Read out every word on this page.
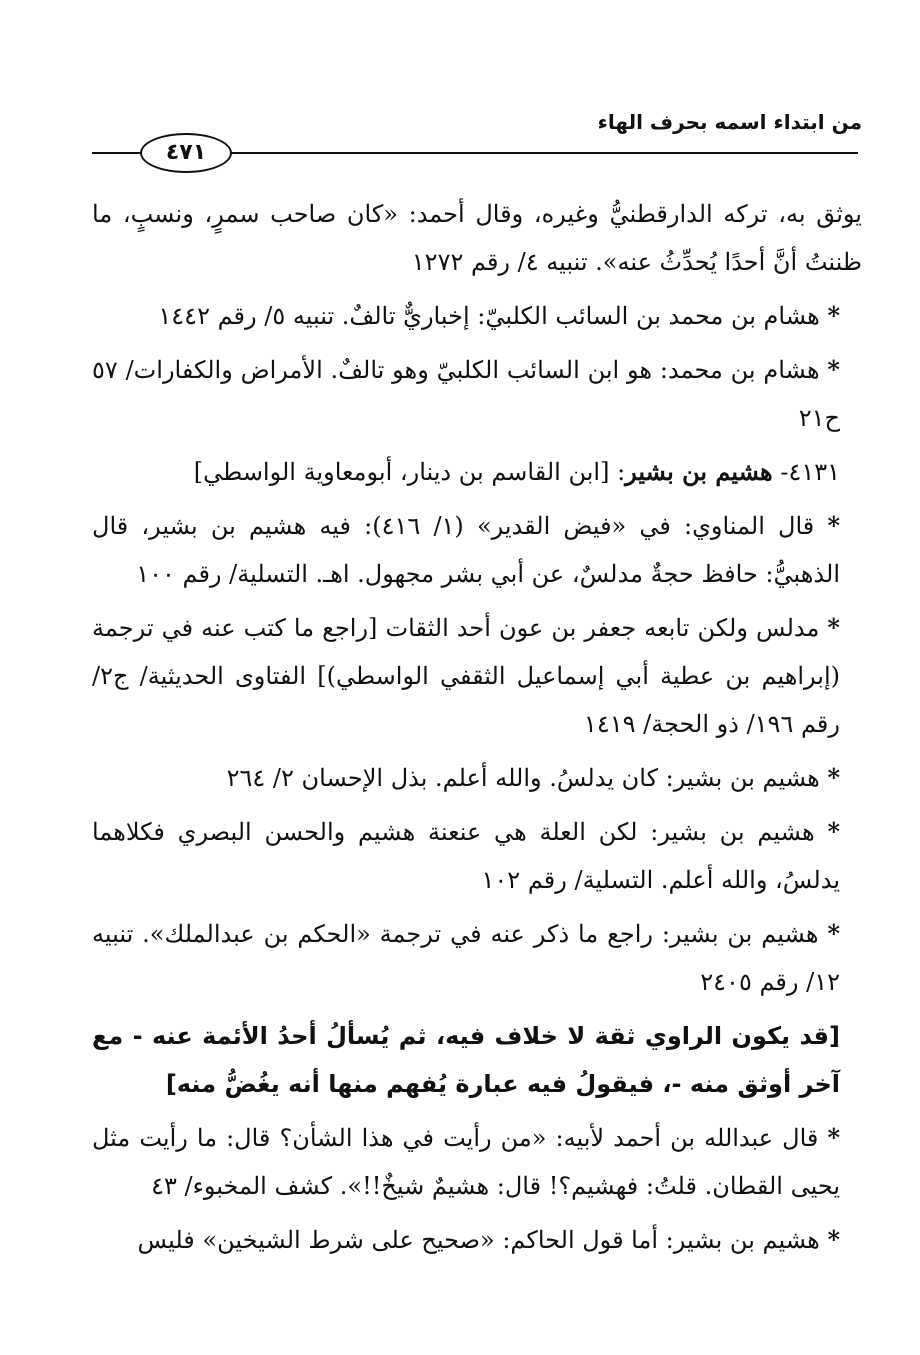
من ابتداء اسمه بحرف الهاء
٤٧١

يوثق به، تركه الدارقطنيُّ وغيره، وقال أحمد: «كان صاحب سمرٍ، ونسبٍ، ما ظننتُ أنَّ أحدًا يُحدِّثُ عنه». تنبيه ٤/ رقم ١٢٧٢

* هشام بن محمد بن السائب الكلبيّ: إخباريٌّ تالفٌ. تنبيه ٥/ رقم ١٤٤٢

* هشام بن محمد: هو ابن السائب الكلبيّ وهو تالفٌ. الأمراض والكفارات/ ٥٧ ح٢١

٤١٣١- هشيم بن بشير: [ابن القاسم بن دينار، أبومعاوية الواسطي]

* قال المناوي: في «فيض القدير» (١/ ٤١٦): فيه هشيم بن بشير، قال الذهبيُّ: حافظ حجةٌ مدلسٌ، عن أبي بشر مجهول. اهـ. التسلية/ رقم ١٠٠

* مدلس ولكن تابعه جعفر بن عون أحد الثقات [راجع ما كتب عنه في ترجمة (إبراهيم بن عطية أبي إسماعيل الثقفي الواسطي)] الفتاوى الحديثية/ ج٢/ رقم ١٩٦/ ذو الحجة/ ١٤١٩

* هشيم بن بشير: كان يدلسُ. والله أعلم. بذل الإحسان ٢/ ٢٦٤

* هشيم بن بشير: لكن العلة هي عنعنة هشيم والحسن البصري فكلاهما يدلسُ، والله أعلم. التسلية/ رقم ١٠٢

* هشيم بن بشير: راجع ما ذكر عنه في ترجمة «الحكم بن عبدالملك». تنبيه ١٢/ رقم ٢٤٠٥

[قد يكون الراوي ثقة لا خلاف فيه، ثم يُسألُ أحدُ الأئمة عنه - مع آخر أوثق منه -، فيقولُ فيه عبارة يُفهم منها أنه يغُضُّ منه]

* قال عبدالله بن أحمد لأبيه: «من رأيت في هذا الشأن؟ قال: ما رأيت مثل يحيى القطان. قلتُ: فهشيم؟! قال: هشيمٌ شيخٌ!!». كشف المخبوء/ ٤٣

* هشيم بن بشير: أما قول الحاكم: «صحيح على شرط الشيخين» فليس
